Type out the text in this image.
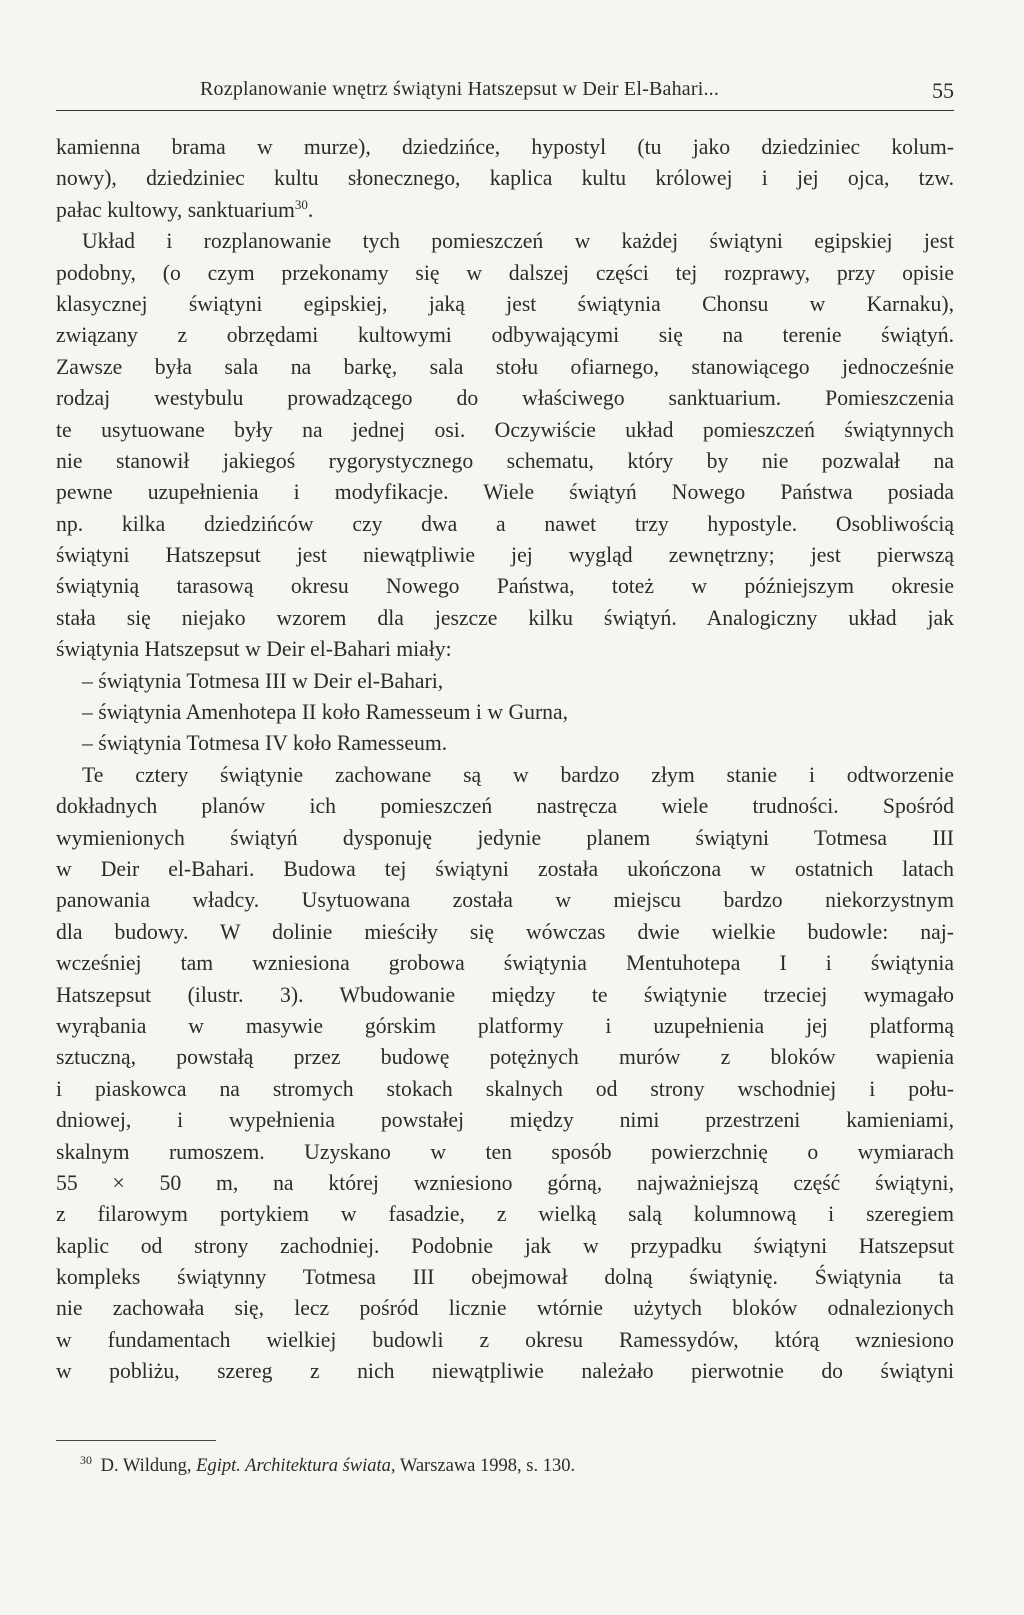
Rozplanowanie wnętrz świątyni Hatszepsut w Deir El-Bahari...	55
kamienna brama w murze), dziedzińce, hypostyl (tu jako dziedziniec kolum-
nowy), dziedziniec kultu słonecznego, kaplica kultu królowej i jej ojca, tzw.
pałac kultowy, sanktuarium$^{30}$.
Układ i rozplanowanie tych pomieszczeń w każdej świątyni egipskiej jest
podobny, (o czym przekonamy się w dalszej części tej rozprawy, przy opisie
klasycznej świątyni egipskiej, jaką jest świątynia Chonsu w Karnaku),
związany z obrzędami kultowymi odbywającymi się na terenie świątyń.
Zawsze była sala na barkę, sala stołu ofiarnego, stanowiącego jednocześnie
rodzaj westybulu prowadzącego do właściwego sanktuarium. Pomieszczenia
te usytuowane były na jednej osi. Oczywiście układ pomieszczeń świątynnych
nie stanowił jakiegoś rygorystycznego schematu, który by nie pozwalał na
pewne uzupełnienia i modyfikacje. Wiele świątyń Nowego Państwa posiada
np. kilka dziedzińców czy dwa a nawet trzy hypostyle. Osobliwością
świątyni Hatszepsut jest niewątpliwie jej wygląd zewnętrzny; jest pierwszą
świątynią tarasową okresu Nowego Państwa, toteż w późniejszym okresie
stała się niejako wzorem dla jeszcze kilku świątyń. Analogiczny układ jak
świątynia Hatszepsut w Deir el-Bahari miały:
– świątynia Totmesa III w Deir el-Bahari,
– świątynia Amenhotepa II koło Ramesseum i w Gurna,
– świątynia Totmesa IV koło Ramesseum.
Te cztery świątynie zachowane są w bardzo złym stanie i odtworzenie
dokładnych planów ich pomieszczeń nastręcza wiele trudności. Spośród
wymienionych świątyń dysponuję jedynie planem świątyni Totmesa III
w Deir el-Bahari. Budowa tej świątyni została ukończona w ostatnich latach
panowania władcy. Usytuowana została w miejscu bardzo niekorzystnym
dla budowy. W dolinie mieściły się wówczas dwie wielkie budowle: naj-
wcześniej tam wzniesiona grobowa świątynia Mentuhotepa I i świątynia
Hatszepsut (ilustr. 3). Wbudowanie między te świątynie trzeciej wymagało
wyrąbania w masywie górskim platformy i uzupełnienia jej platformą
sztuczną, powstałą przez budowę potężnych murów z bloków wapienia
i piaskowca na stromych stokach skalnych od strony wschodniej i połu-
dniowej, i wypełnienia powstałej między nimi przestrzeni kamieniami,
skalnym rumoszem. Uzyskano w ten sposób powierzchnię o wymiarach
55 × 50 m, na której wzniesiono górną, najważniejszą część świątyni,
z filarowym portykiem w fasadzie, z wielką salą kolumnową i szeregiem
kaplic od strony zachodniej. Podobnie jak w przypadku świątyni Hatszepsut
kompleks świątynny Totmesa III obejmował dolną świątynię. Świątynia ta
nie zachowała się, lecz pośród licznie wtórnie użytych bloków odnalezionych
w fundamentach wielkiej budowli z okresu Ramessydów, którą wzniesiono
w pobliżu, szereg z nich niewątpliwie należało pierwotnie do świątyni
$^{30}$ D. Wildung, Egipt. Architektura świata, Warszawa 1998, s. 130.
